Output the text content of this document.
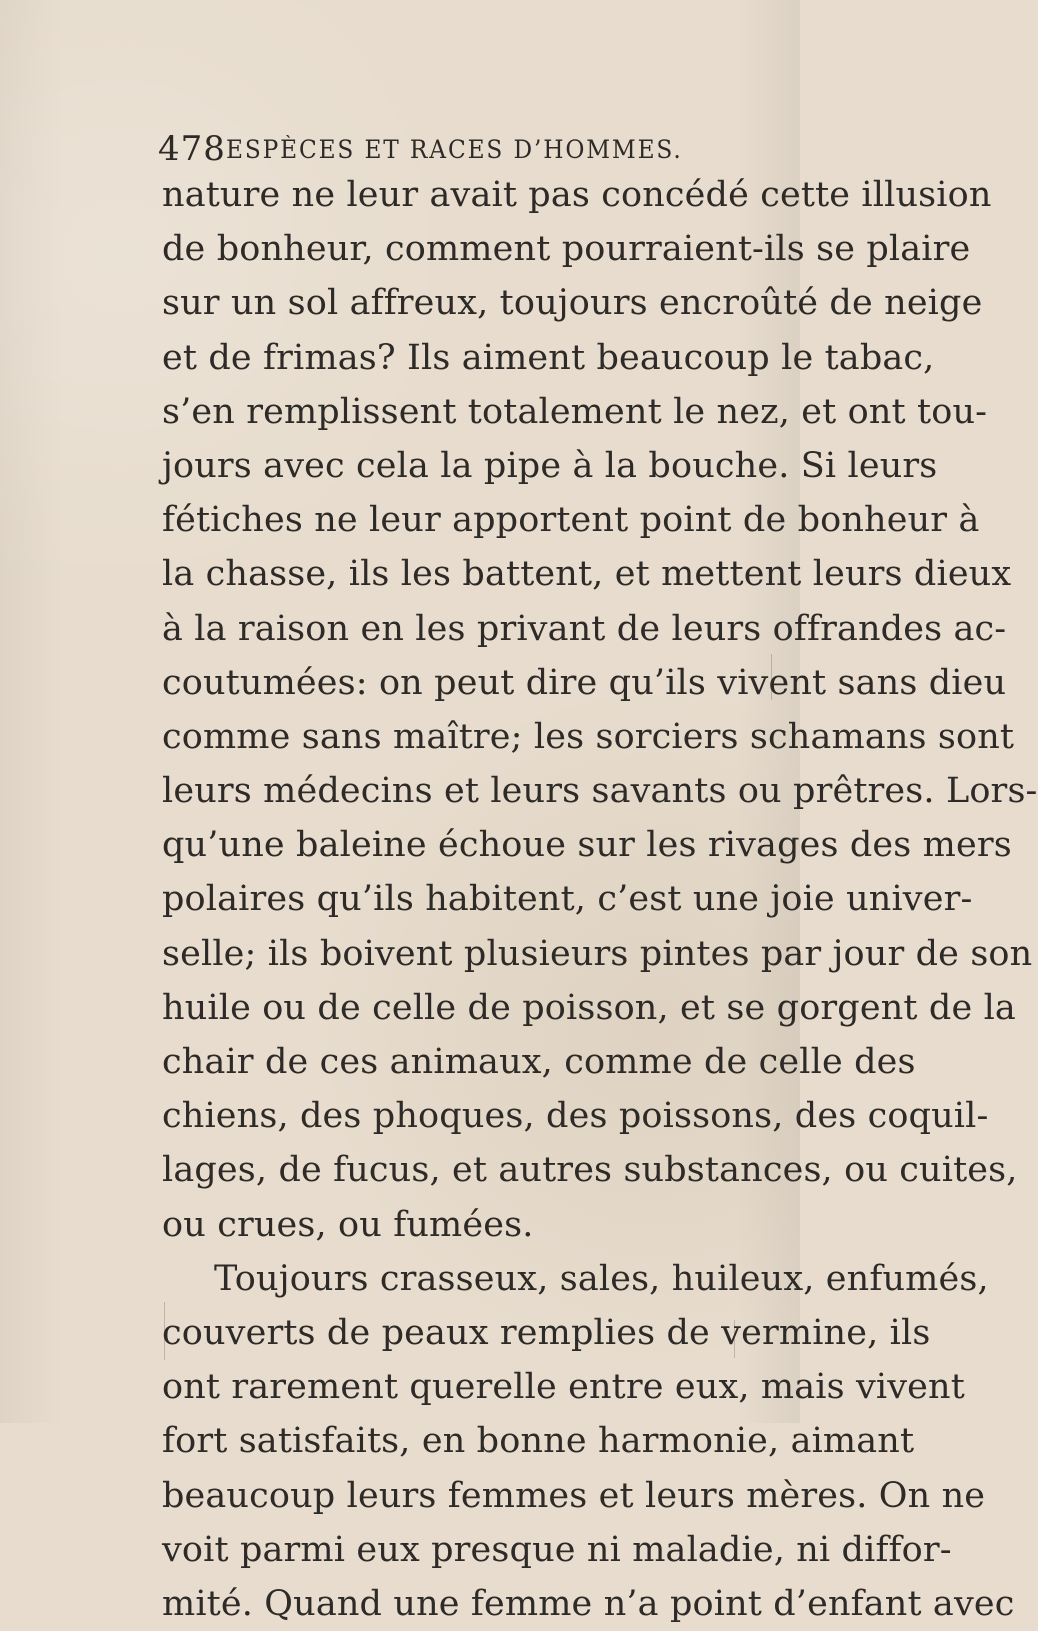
478 ESPÈCES ET RACES D’HOMMES.
nature ne leur avait pas concédé cette illusion
de bonheur, comment pourraient-ils se plaire
sur un sol affreux, toujours encroûté de neige
et de frimas? Ils aiment beaucoup le tabac,
s’en remplissent totalement le nez, et ont tou-
jours avec cela la pipe à la bouche. Si leurs
fétiches ne leur apportent point de bonheur à
la chasse, ils les battent, et mettent leurs dieux
à la raison en les privant de leurs offrandes ac-
coutumées: on peut dire qu’ils vivent sans dieu
comme sans maître; les sorciers schamans sont
leurs médecins et leurs savants ou prêtres. Lors-
qu’une baleine échoue sur les rivages des mers
polaires qu’ils habitent, c’est une joie univer-
selle; ils boivent plusieurs pintes par jour de son
huile ou de celle de poisson, et se gorgent de la
chair de ces animaux, comme de celle des
chiens, des phoques, des poissons, des coquil-
lages, de fucus, et autres substances, ou cuites,
ou crues, ou fumées.
Toujours crasseux, sales, huileux, enfumés,
couverts de peaux remplies de vermine, ils
ont rarement querelle entre eux, mais vivent
fort satisfaits, en bonne harmonie, aimant
beaucoup leurs femmes et leurs mères. On ne
voit parmi eux presque ni maladie, ni diffor-
mité. Quand une femme n’a point d’enfant avec
